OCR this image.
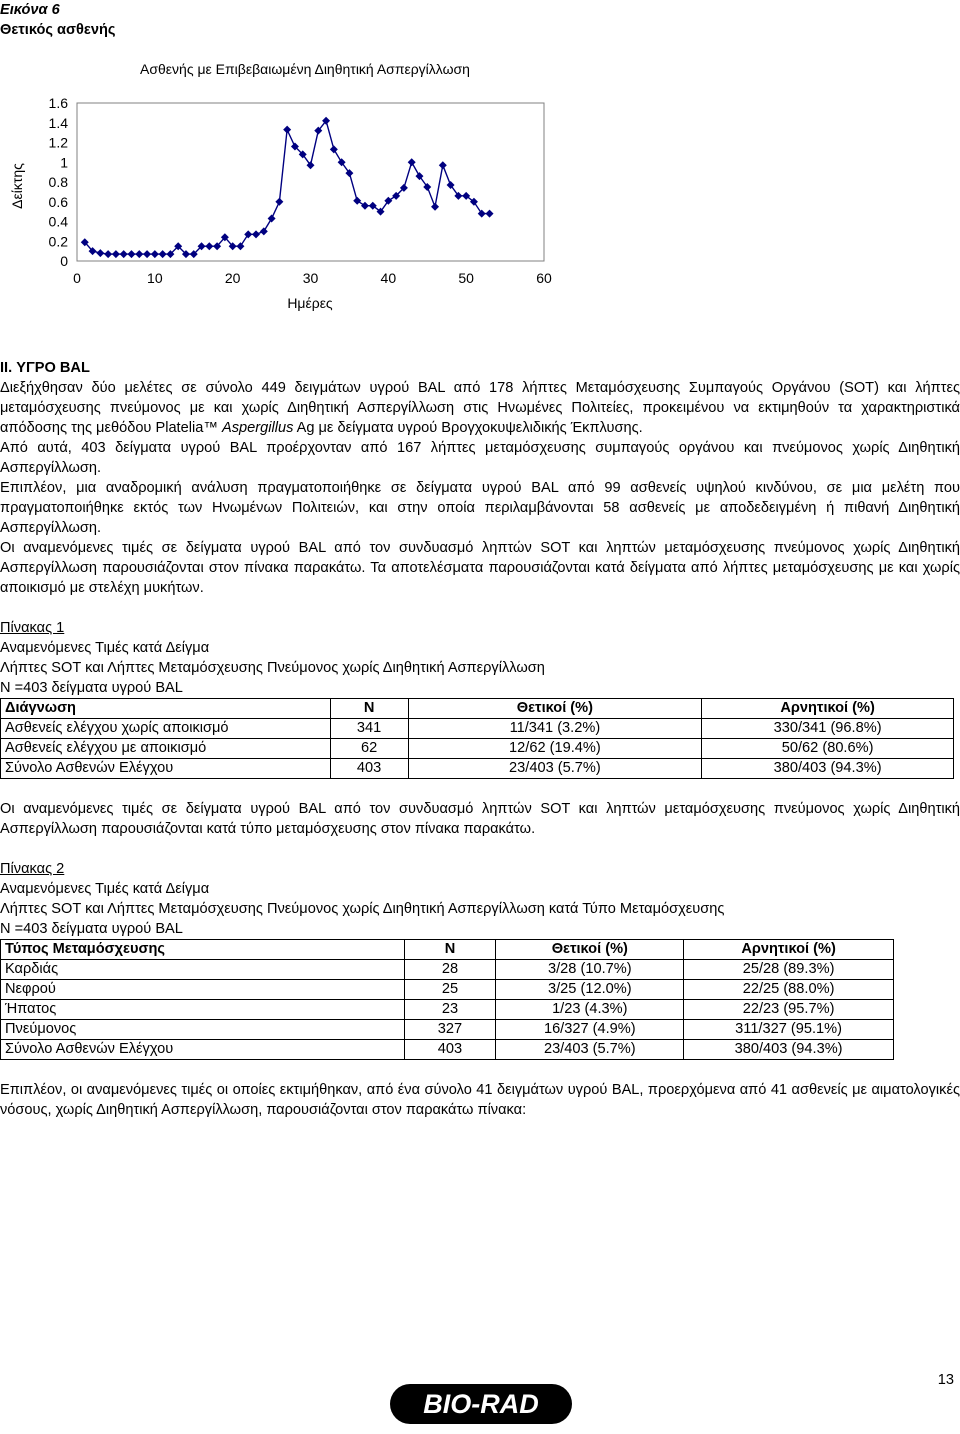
Εικόνα 6
Θετικός ασθενής
Ασθενής με Επιβεβαιωμένη Διηθητική Ασπεργίλλωση
Δείκτης
Ημέρες
1.6
1.4
1.2
1
0.8
0.6
0.4
0.2
0
0	10	20	30	40	50	60

II. ΥΓΡΟ BAL

Διεξήχθησαν δύο μελέτες σε σύνολο 449 δειγμάτων υγρού BAL από 178 λήπτες Μεταμόσχευσης Συμπαγούς Οργάνου (SOT) και λήπτες μεταμόσχευσης πνεύμονος με και χωρίς Διηθητική Ασπεργίλλωση στις Ηνωμένες Πολιτείες, προκειμένου να εκτιμηθούν τα χαρακτηριστικά απόδοσης της μεθόδου Platelia™ Aspergillus Ag με δείγματα υγρού Βρογχοκυψελιδικής Έκπλυσης.

Από αυτά, 403 δείγματα υγρού BAL προέρχονταν από 167 λήπτες μεταμόσχευσης συμπαγούς οργάνου και πνεύμονος χωρίς Διηθητική Ασπεργίλλωση.

Επιπλέον, μια αναδρομική ανάλυση πραγματοποιήθηκε σε δείγματα υγρού BAL από 99 ασθενείς υψηλού κινδύνου, σε μια μελέτη που πραγματοποιήθηκε εκτός των Ηνωμένων Πολιτειών, και στην οποία περιλαμβάνονται 58 ασθενείς με αποδεδειγμένη ή πιθανή Διηθητική Ασπεργίλλωση.

Οι αναμενόμενες τιμές σε δείγματα υγρού BAL από τον συνδυασμό ληπτών SOT και ληπτών μεταμόσχευσης πνεύμονος χωρίς Διηθητική Ασπεργίλλωση παρουσιάζονται στον πίνακα παρακάτω. Τα αποτελέσματα παρουσιάζονται κατά δείγματα από λήπτες μεταμόσχευσης με και χωρίς αποικισμό με στελέχη μυκήτων.

Πίνακας 1

Αναμενόμενες Τιμές κατά Δείγμα

Λήπτες SOT και Λήπτες Μεταμόσχευσης Πνεύμονος χωρίς Διηθητική Ασπεργίλλωση

N =403 δείγματα υγρού BAL

Διάγνωση	N	Θετικοί (%)	Αρνητικοί (%)
Ασθενείς ελέγχου χωρίς αποικισμό	341	11/341 (3.2%)	330/341 (96.8%)
Ασθενείς ελέγχου με αποικισμό	62	12/62 (19.4%)	50/62 (80.6%)
Σύνολο Ασθενών Ελέγχου	403	23/403 (5.7%)	380/403 (94.3%)

Οι αναμενόμενες τιμές σε δείγματα υγρού BAL από τον συνδυασμό ληπτών SOT και ληπτών μεταμόσχευσης πνεύμονος χωρίς Διηθητική Ασπεργίλλωση παρουσιάζονται κατά τύπο μεταμόσχευσης στον πίνακα παρακάτω.

Πίνακας 2

Αναμενόμενες Τιμές κατά Δείγμα

Λήπτες SOT και Λήπτες Μεταμόσχευσης Πνεύμονος χωρίς Διηθητική Ασπεργίλλωση κατά Τύπο Μεταμόσχευσης

N =403 δείγματα υγρού BAL

Τύπος Μεταμόσχευσης	N	Θετικοί (%)	Αρνητικοί (%)
Καρδιάς	28	3/28 (10.7%)	25/28 (89.3%)
Νεφρού	25	3/25 (12.0%)	22/25 (88.0%)
Ήπατος	23	1/23 (4.3%)	22/23 (95.7%)
Πνεύμονος	327	16/327 (4.9%)	311/327 (95.1%)
Σύνολο Ασθενών Ελέγχου	403	23/403 (5.7%)	380/403 (94.3%)

Επιπλέον, οι αναμενόμενες τιμές οι οποίες εκτιμήθηκαν, από ένα σύνολο 41 δειγμάτων υγρού BAL, προερχόμενα από 41 ασθενείς με αιματολογικές νόσους, χωρίς Διηθητική Ασπεργίλλωση, παρουσιάζονται στον παρακάτω πίνακα:

13
BIO-RAD
